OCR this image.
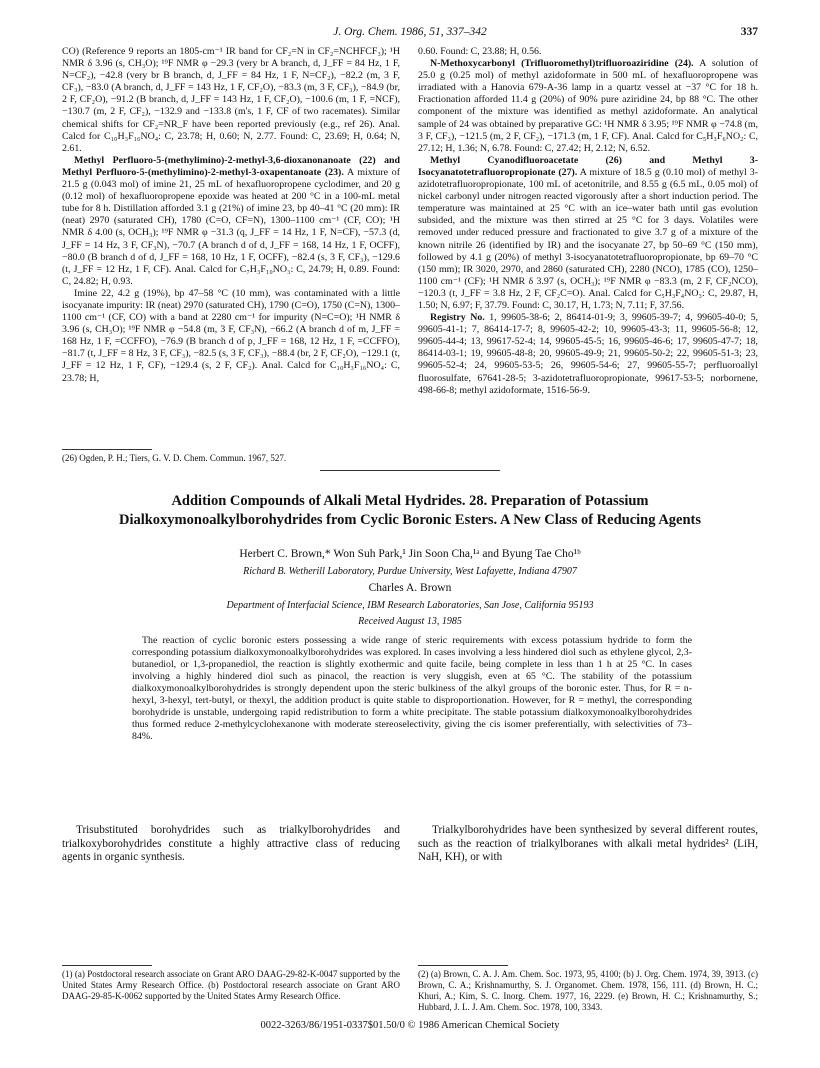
J. Org. Chem. 1986, 51, 337–342	337

CO) (Reference 9 reports an 1805-cm⁻¹ IR band for CF₂=N in CF₂=NCHFCF₃); ¹H NMR δ 3.96 (s, CH₃O); ¹⁹F NMR φ −29.3 (very br A branch, d, J_FF = 84 Hz, 1 F, N=CF₂), −42.8 (very br B branch, d, J_FF = 84 Hz, 1 F, N=CF₂), −82.2 (m, 3 F, CF₃), −83.0 (A branch, d, J_FF = 143 Hz, 1 F, CF₂O), −83.3 (m, 3 F, CF₃), −84.9 (br, 2 F, CF₂O), −91.2 (B branch, d, J_FF = 143 Hz, 1 F, CF₂O), −100.6 (m, 1 F, =NCF), −130.7 (m, 2 F, CF₂), −132.9 and −133.8 (m's, 1 F, CF of two racemates). Similar chemical shifts for CF₂=NR_F have been reported previously (e.g., ref 26). Anal. Calcd for C₁₀H₃F₁₆NO₄: C, 23.78; H, 0.60; N, 2.77. Found: C, 23.69; H, 0.64; N, 2.61.

Methyl Perfluoro-5-(methylimino)-2-methyl-3,6-dioxanonanoate (22) and Methyl Perfluoro-5-(methylimino)-2-methyl-3-oxapentanoate (23). A mixture of 21.5 g (0.043 mol) of imine 21, 25 mL of hexafluoropropene cyclodimer, and 20 g (0.12 mol) of hexafluoropropene epoxide was heated at 200 °C in a 100-mL metal tube for 8 h. Distillation afforded 3.1 g (21%) of imine 23, bp 40–41 °C (20 mm): IR (neat) 2970 (saturated CH), 1780 (C=O, CF=N), 1300–1100 cm⁻¹ (CF, CO); ¹H NMR δ 4.00 (s, OCH₃); ¹⁹F NMR φ −31.3 (q, J_FF = 14 Hz, 1 F, N=CF), −57.3 (d, J_FF = 14 Hz, 3 F, CF₃N), −70.7 (A branch d of d, J_FF = 168, 14 Hz, 1 F, OCFF), −80.0 (B branch d of d, J_FF = 168, 10 Hz, 1 F, OCFF), −82.4 (s, 3 F, CF₃), −129.6 (t, J_FF = 12 Hz, 1 F, CF). Anal. Calcd for C₇H₃F₁₀NO₃: C, 24.79; H, 0.89. Found: C, 24.82; H, 0.93.

Imine 22, 4.2 g (19%), bp 47–58 °C (10 mm), was contaminated with a little isocyanate impurity: IR (neat) 2970 (saturated CH), 1790 (C=O), 1750 (C=N), 1300–1100 cm⁻¹ (CF, CO) with a band at 2280 cm⁻¹ for impurity (N=C=O); ¹H NMR δ 3.96 (s, CH₃O); ¹⁹F NMR φ −54.8 (m, 3 F, CF₃N), −66.2 (A branch d of m, J_FF = 168 Hz, 1 F, =CCFFO), −76.9 (B branch d of p, J_FF = 168, 12 Hz, 1 F, =CCFFO), −81.7 (t, J_FF = 8 Hz, 3 F, CF₃), −82.5 (s, 3 F, CF₃), −88.4 (br, 2 F, CF₂O), −129.1 (t, J_FF = 12 Hz, 1 F, CF), −129.4 (s, 2 F, CF₂). Anal. Calcd for C₁₀H₃F₁₆NO₄: C, 23.78; H,

(26) Ogden, P. H.; Tiers, G. V. D. Chem. Commun. 1967, 527.

0.60. Found: C, 23.88; H, 0.56.

N-Methoxycarbonyl (Trifluoromethyl)trifluoroaziridine (24). A solution of 25.0 g (0.25 mol) of methyl azidoformate in 500 mL of hexafluoropropene was irradiated with a Hanovia 679-A-36 lamp in a quartz vessel at −37 °C for 18 h. Fractionation afforded 11.4 g (20%) of 90% pure aziridine 24, bp 88 °C. The other component of the mixture was identified as methyl azidoformate. An analytical sample of 24 was obtained by preparative GC: ¹H NMR δ 3.95; ¹⁹F NMR φ −74.8 (m, 3 F, CF₃), −121.5 (m, 2 F, CF₂), −171.3 (m, 1 F, CF). Anal. Calcd for C₅H₃F₆NO₂: C, 27.12; H, 1.36; N, 6.78. Found: C, 27.42; H, 2.12; N, 6.52.

Methyl Cyanodifluoroacetate (26) and Methyl 3-Isocyanatotetrafluoropropionate (27). A mixture of 18.5 g (0.10 mol) of methyl 3-azidotetrafluoropropionate, 100 mL of acetonitrile, and 8.55 g (6.5 mL, 0.05 mol) of nickel carbonyl under nitrogen reacted vigorously after a short induction period. The temperature was maintained at 25 °C with an ice–water bath until gas evolution subsided, and the mixture was then stirred at 25 °C for 3 days. Volatiles were removed under reduced pressure and fractionated to give 3.7 g of a mixture of the known nitrile 26 (identified by IR) and the isocyanate 27, bp 50–69 °C (150 mm), followed by 4.1 g (20%) of methyl 3-isocyanatotetrafluoropropionate, bp 69–70 °C (150 mm); IR 3020, 2970, and 2860 (saturated CH), 2280 (NCO), 1785 (CO), 1250–1100 cm⁻¹ (CF); ¹H NMR δ 3.97 (s, OCH₃); ¹⁹F NMR φ −83.3 (m, 2 F, CF₂NCO), −120.3 (t, J_FF = 3.8 Hz, 2 F, CF₂C=O). Anal. Calcd for C₅H₃F₄NO₃: C, 29.87, H, 1.50; N, 6.97; F, 37.79. Found: C, 30.17, H, 1.73; N, 7.11; F, 37.56.

Registry No. 1, 99605-38-6; 2, 86414-01-9; 3, 99605-39-7; 4, 99605-40-0; 5, 99605-41-1; 7, 86414-17-7; 8, 99605-42-2; 10, 99605-43-3; 11, 99605-56-8; 12, 99605-44-4; 13, 99617-52-4; 14, 99605-45-5; 16, 99605-46-6; 17, 99605-47-7; 18, 86414-03-1; 19, 99605-48-8; 20, 99605-49-9; 21, 99605-50-2; 22, 99605-51-3; 23, 99605-52-4; 24, 99605-53-5; 26, 99605-54-6; 27, 99605-55-7; perfluoroallyl fluorosulfate, 67641-28-5; 3-azidotetrafluoropropionate, 99617-53-5; norbornene, 498-66-8; methyl azidoformate, 1516-56-9.

Addition Compounds of Alkali Metal Hydrides. 28. Preparation of Potassium Dialkoxymonoalkylborohydrides from Cyclic Boronic Esters. A New Class of Reducing Agents
Herbert C. Brown,* Won Suh Park,¹ Jin Soon Cha,¹ᵃ and Byung Tae Cho¹ᵇ
Richard B. Wetherill Laboratory, Purdue University, West Lafayette, Indiana 47907
Charles A. Brown
Department of Interfacial Science, IBM Research Laboratories, San Jose, California 95193
Received August 13, 1985

The reaction of cyclic boronic esters possessing a wide range of steric requirements with excess potassium hydride to form the corresponding potassium dialkoxymonoalkylborohydrides was explored. In cases involving a less hindered diol such as ethylene glycol, 2,3-butanediol, or 1,3-propanediol, the reaction is slightly exothermic and quite facile, being complete in less than 1 h at 25 °C. In cases involving a highly hindered diol such as pinacol, the reaction is very sluggish, even at 65 °C. The stability of the potassium dialkoxymonoalkylborohydrides is strongly dependent upon the steric bulkiness of the alkyl groups of the boronic ester. Thus, for R = n-hexyl, 3-hexyl, tert-butyl, or thexyl, the addition product is quite stable to disproportionation. However, for R = methyl, the corresponding borohydride is unstable, undergoing rapid redistribution to form a white precipitate. The stable potassium dialkoxymonoalkylborohydrides thus formed reduce 2-methylcyclohexanone with moderate stereoselectivity, giving the cis isomer preferentially, with selectivities of 73–84%.

Trisubstituted borohydrides such as trialkylborohydrides and trialkoxyborohydrides constitute a highly attractive class of reducing agents in organic synthesis.

Trialkylborohydrides have been synthesized by several different routes, such as the reaction of trialkylboranes with alkali metal hydrides² (LiH, NaH, KH), or with

(1) (a) Postdoctoral research associate on Grant ARO DAAG-29-82-K-0047 supported by the United States Army Research Office. (b) Postdoctoral research associate on Grant ARO DAAG-29-85-K-0062 supported by the United States Army Research Office.
(2) (a) Brown, C. A. J. Am. Chem. Soc. 1973, 95, 4100; (b) J. Org. Chem. 1974, 39, 3913. (c) Brown, C. A.; Krishnamurthy, S. J. Organomet. Chem. 1978, 156, 111. (d) Brown, H. C.; Khuri, A.; Kim, S. C. Inorg. Chem. 1977, 16, 2229. (e) Brown, H. C.; Krishnamurthy, S.; Hubbard, J. L. J. Am. Chem. Soc. 1978, 100, 3343.
0022-3263/86/1951-0337$01.50/0 © 1986 American Chemical Society
